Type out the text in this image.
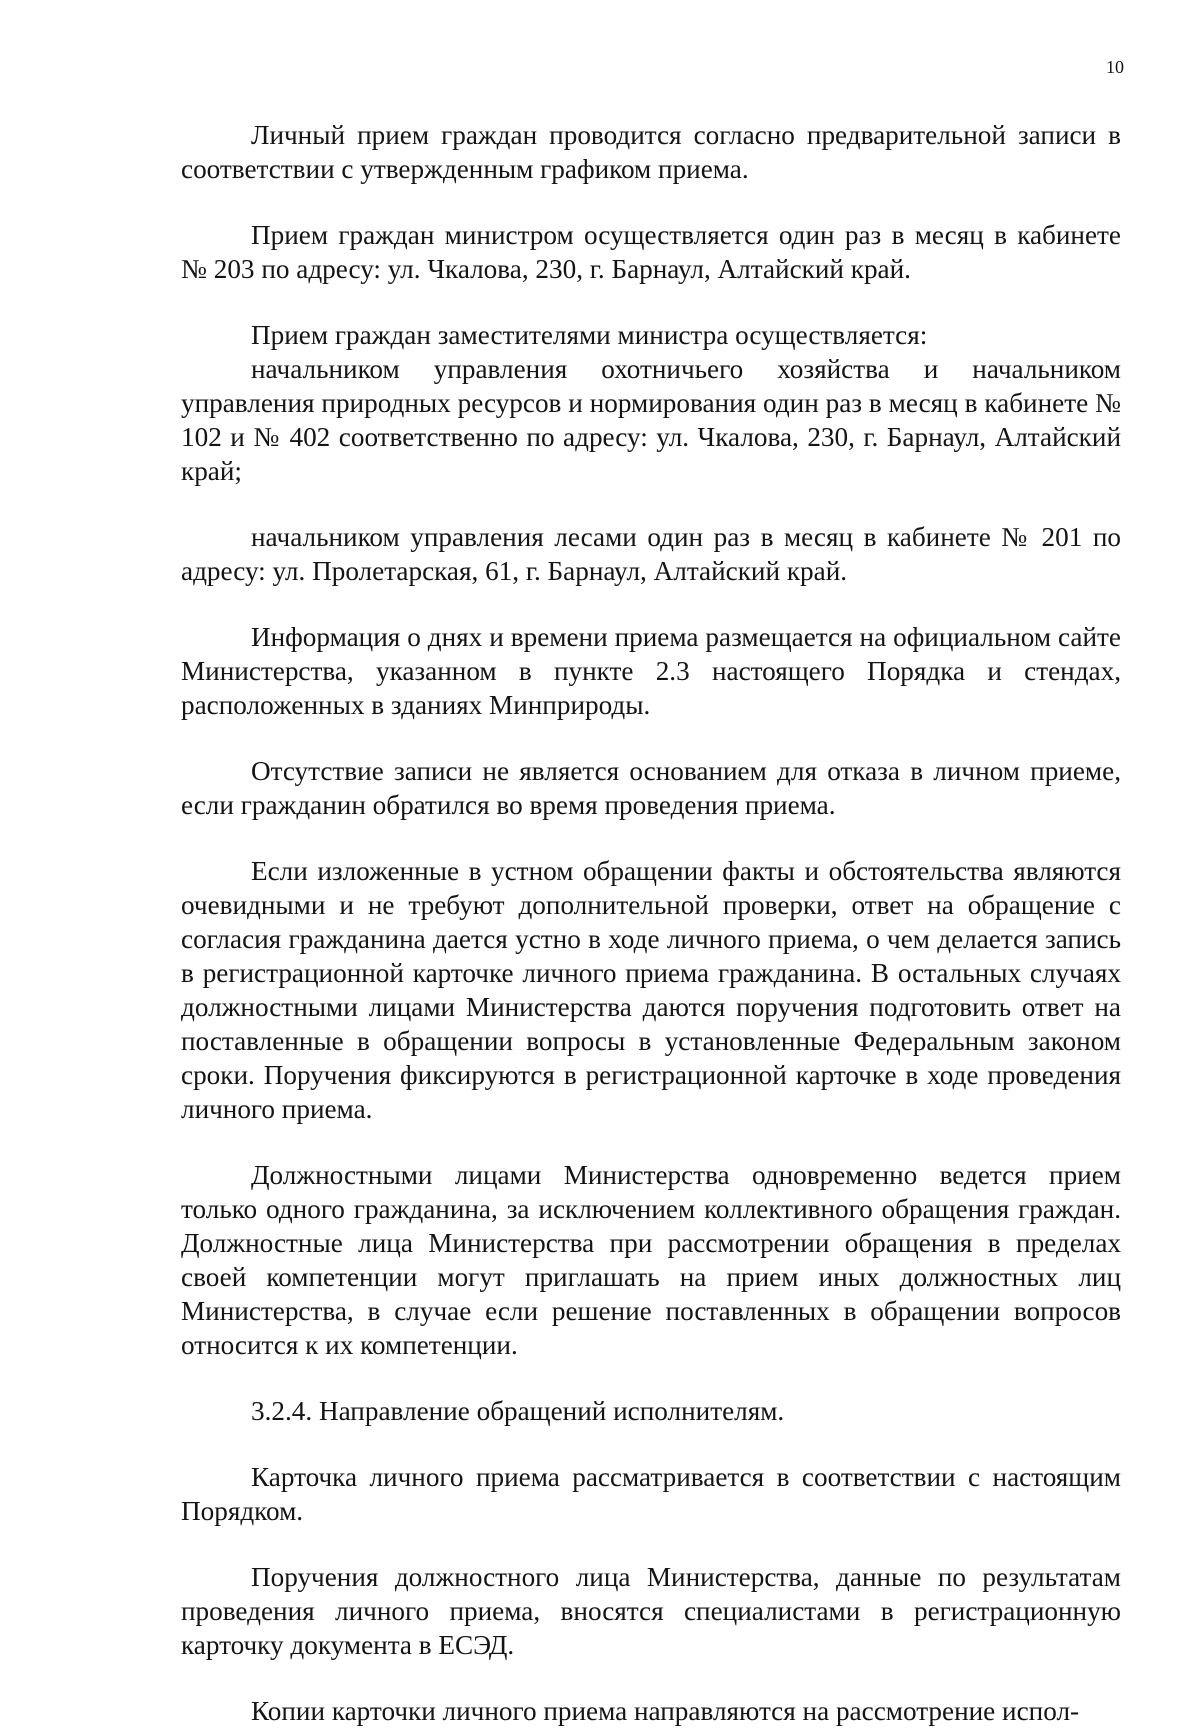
10

Личный прием граждан проводится согласно предварительной записи в соответствии с утвержденным графиком приема.

Прием граждан министром осуществляется один раз в месяц в кабинете № 203 по адресу: ул. Чкалова, 230, г. Барнаул, Алтайский край.

Прием граждан заместителями министра осуществляется:

начальником управления охотничьего хозяйства и начальником управления природных ресурсов и нормирования один раз в месяц в кабинете № 102 и № 402 соответственно по адресу: ул. Чкалова, 230, г. Барнаул, Алтайский край;

начальником управления лесами один раз в месяц в кабинете № 201 по адресу: ул. Пролетарская, 61, г. Барнаул, Алтайский край.

Информация о днях и времени приема размещается на официальном сайте Министерства, указанном в пункте 2.3 настоящего Порядка и стендах, расположенных в зданиях Минприроды.

Отсутствие записи не является основанием для отказа в личном приеме, если гражданин обратился во время проведения приема.

Если изложенные в устном обращении факты и обстоятельства являются очевидными и не требуют дополнительной проверки, ответ на обращение с согласия гражданина дается устно в ходе личного приема, о чем делается запись в регистрационной карточке личного приема гражданина. В остальных случаях должностными лицами Министерства даются поручения подготовить ответ на поставленные в обращении вопросы в установленные Федеральным законом сроки. Поручения фиксируются в регистрационной карточке в ходе проведения личного приема.

Должностными лицами Министерства одновременно ведется прием только одного гражданина, за исключением коллективного обращения граждан. Должностные лица Министерства при рассмотрении обращения в пределах своей компетенции могут приглашать на прием иных должностных лиц Министерства, в случае если решение поставленных в обращении вопросов относится к их компетенции.

3.2.4. Направление обращений исполнителям.

Карточка личного приема рассматривается в соответствии с настоящим Порядком.

Поручения должностного лица Министерства, данные по результатам проведения личного приема, вносятся специалистами в регистрационную карточку документа в ЕСЭД.

Копии карточки личного приема направляются на рассмотрение испол-
